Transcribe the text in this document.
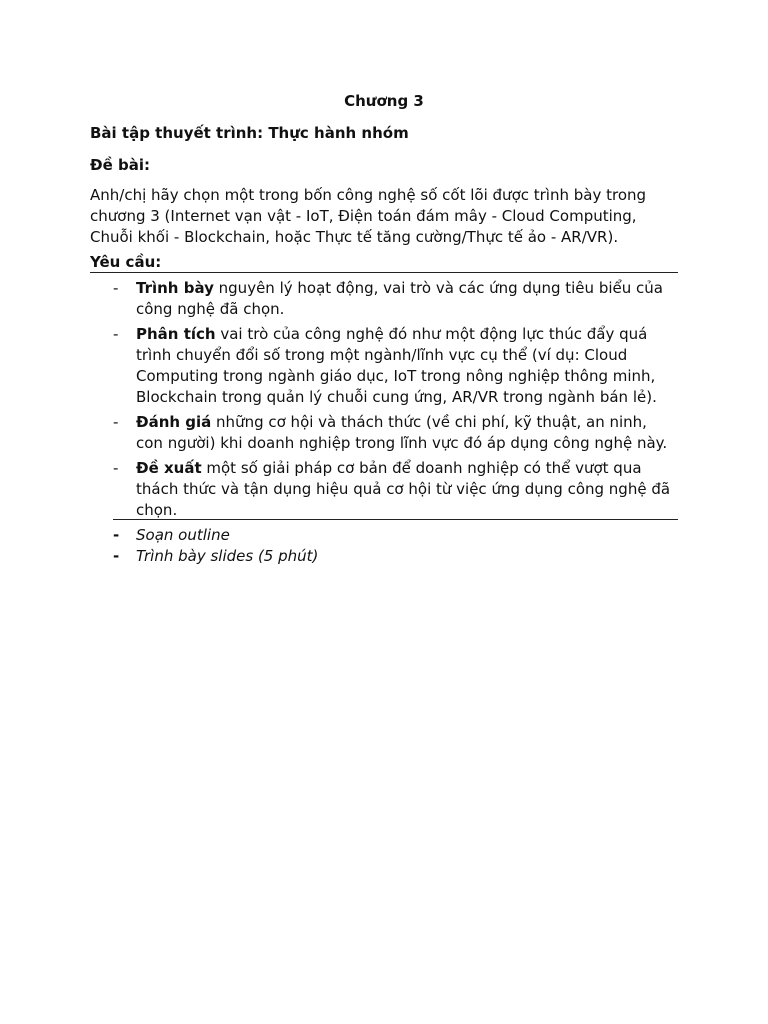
Chương 3
Bài tập thuyết trình: Thực hành nhóm
Đề bài:
Anh/chị hãy chọn một trong bốn công nghệ số cốt lõi được trình bày trong chương 3 (Internet vạn vật - IoT, Điện toán đám mây - Cloud Computing, Chuỗi khối - Blockchain, hoặc Thực tế tăng cường/Thực tế ảo - AR/VR).
Yêu cầu:
- Trình bày nguyên lý hoạt động, vai trò và các ứng dụng tiêu biểu của công nghệ đã chọn.
- Phân tích vai trò của công nghệ đó như một động lực thúc đẩy quá trình chuyển đổi số trong một ngành/lĩnh vực cụ thể (ví dụ: Cloud Computing trong ngành giáo dục, IoT trong nông nghiệp thông minh, Blockchain trong quản lý chuỗi cung ứng, AR/VR trong ngành bán lẻ).
- Đánh giá những cơ hội và thách thức (về chi phí, kỹ thuật, an ninh, con người) khi doanh nghiệp trong lĩnh vực đó áp dụng công nghệ này.
- Đề xuất một số giải pháp cơ bản để doanh nghiệp có thể vượt qua thách thức và tận dụng hiệu quả cơ hội từ việc ứng dụng công nghệ đã chọn.
- Soạn outline
- Trình bày slides (5 phút)
